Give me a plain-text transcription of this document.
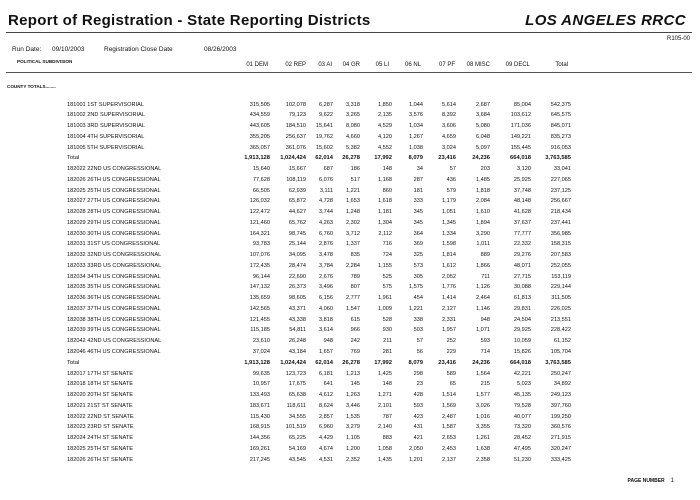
Report of Registration - State Reporting Districts	LOS ANGELES RRCC
R105-00
Run Date: 09/10/2003	Registration Close Date	08/26/2003
POLITICAL SUBDIVISION
01 DEM	02 REP 03 AI 04 GR	05 LI	06 NL	07 PF 08 MISC	09 DECL	Total
COUNTY TOTALS........
181001 1ST SUPERVISORIAL	315,505	102,078 6,287 3,318	1,850	1,044	5,614	2,687	85,004	542,375
181002 2ND SUPERVISORIAL	434,559	79,123 9,622 3,265	2,135	3,576	8,392	3,684	103,612	645,575
181003 3RD SUPERVISORIAL	443,605	184,510 15,641 8,080	4,529	1,034	3,606	5,080	171,036	845,071
181004 4TH SUPERVISORIAL	355,205	256,637 19,762 4,660	4,120	1,267	4,659	6,048	149,221	835,273
181005 5TH SUPERVISORIAL	365,057	361,076 15,602 5,382	4,552	1,038	3,024	5,097	155,445	916,053
Total	1,913,128 1,024,424 62,014 26,278 17,992	8,079	23,416	24,236	664,018 3,763,585
182022 22ND US CONGRESSIONAL	15,640	15,667	687	186	148	34	57	203	3,120	33,041
182026 26TH US CONGRESSIONAL	77,628	108,119 6,076	517	1,168	287	436	1,485	25,925	227,065
182025 25TH US CONGRESSIONAL	66,505	62,939 3,111 1,221	860	181	579	1,818	37,748	237,125
182027 27TH US CONGRESSIONAL	126,032	65,872 4,728 1,653	1,618	333	1,179	2,084	48,148	256,667
182028 28TH US CONGRESSIONAL	122,472	44,627 3,744 1,248	1,181	345	1,051	1,610	41,628	218,434
182029 29TH US CONGRESSIONAL	121,460	65,762 4,263 2,302	1,304	345	1,345	1,894	37,637	237,441
182030 30TH US CONGRESSIONAL	164,321	98,745 6,760 3,712	2,112	364	1,334	3,290	77,777	356,985
182031 31ST US CONGRESSIONAL	93,783	25,144 2,876 1,337	716	369	1,598	1,011	22,332	158,315
182032 32ND US CONGRESSIONAL	107,076	34,095 3,478	835	724	325	1,814	889	29,276	207,583
182033 33RD US CONGRESSIONAL	172,435	28,474 3,784 2,284	1,155	573	1,612	1,866	48,071	252,055
182034 34TH US CONGRESSIONAL	96,144	22,690 2,676	789	525	305	2,052	711	27,715	153,119
182035 35TH US CONGRESSIONAL	147,132	26,373 3,496	807	575	1,575	1,776	1,126	30,088	229,144
182036 36TH US CONGRESSIONAL	135,659	98,605 6,156 2,777	1,961	454	1,414	2,464	61,813	311,505
182037 37TH US CONGRESSIONAL	142,565	43,371 4,060 1,547	1,009	1,221	2,127	1,146	29,831	226,025
182038 38TH US CONGRESSIONAL	121,455	43,338 3,818	615	528	338	2,331	948	24,504	213,551
182039 39TH US CONGRESSIONAL	115,185	54,811 3,614	966	930	503	1,957	1,071	29,925	228,422
182042 42ND US CONGRESSIONAL	23,610	26,248	948	242	211	57	252	593	10,059	61,152
182046 46TH US CONGRESSIONAL	37,024	43,184 1,657	769	281	56	229	714	15,826	105,704
Total	1,913,128 1,024,424 62,014 26,278 17,992	8,079	23,416	24,236	664,018 3,763,585
182017 17TH ST SENATE	99,635	123,723 6,181 1,213	1,425	298	589	1,564	42,221	250,247
182018 18TH ST SENATE	10,957	17,675	641	145	148	23	65	215	5,023	34,892
182020 20TH ST SENATE	133,493	65,638 4,612 1,263	1,271	428	1,514	1,577	45,135	249,123
182021 21ST ST SENATE	183,671	118,611 8,624 3,446	2,101	593	1,569	3,026	79,528	397,760
182022 22ND ST SENATE	115,430	34,555 2,857 1,535	787	423	2,487	1,016	40,077	199,250
182023 23RD ST SENATE	168,915	101,519 6,960 3,279	2,140	431	1,587	3,355	73,320	360,576
182024 24TH ST SENATE	144,356	65,225 4,429 1,105	883	421	2,653	1,261	28,452	271,915
182025 25TH ST SENATE	169,261	54,169 4,674 1,200	1,058	2,050	2,453	1,638	47,495	320,247
182026 26TH ST SENATE	217,245	43,545 4,531 2,352	1,435	1,201	2,137	2,358	51,230	333,425
PAGE NUMBER 1
